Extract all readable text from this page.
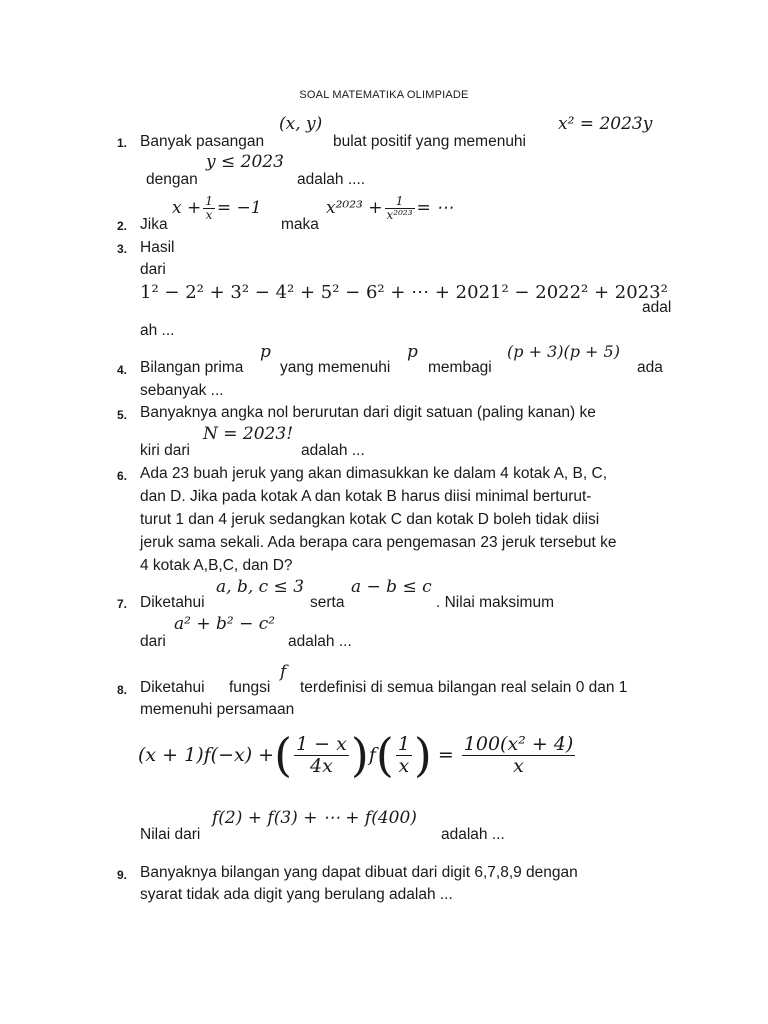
SOAL MATEMATIKA OLIMPIADE
1. Banyak pasangan
(x, y)
bulat positif yang memenuhi
x² = 2023y
dengan
y ≤ 2023
adalah ....
2. Jika
$x + \frac{1}{x} = -1$
maka
$x^{2023} + \frac{1}{\text{x²⁰²³}}$ = ⋯
3. Hasil
dari
1² − 2² + 3² − 4² + 5² − 6² + ⋯ + 2021² − 2022² + 2023²
adal
ah ...
4. Bilangan prima
p
yang memenuhi
p
membagi
(p + 3)(p + 5)
ada
sebanyak ...
5. Banyaknya angka nol berurutan dari digit satuan (paling kanan) ke
kiri dari
N = 2023!
adalah ...
6. Ada 23 buah jeruk yang akan dimasukkan ke dalam 4 kotak A, B, C,
dan D. Jika pada kotak A dan kotak B harus diisi minimal berturut-
turut 1 dan 4 jeruk sedangkan kotak C dan kotak D boleh tidak diisi
jeruk sama sekali. Ada berapa cara pengemasan 23 jeruk tersebut ke
4 kotak A,B,C, dan D?
7. Diketahui
a, b, c ≤ 3
serta
a − b ≤ c
. Nilai maksimum
dari
a² + b² − c²
adalah ...
8. Diketahui fungsi
f
terdefinisi di semua bilangan real selain 0 dan 1
memenuhi persamaan
(x + 1)f(−x) + ( $\frac{1 - x}{4x}$ ) f ( $\frac{1}{x}$ ) = $\frac{\text{100(x² + 4)}}{x}$
Nilai dari
f(2) + f(3) + ⋯ + f(400)
adalah ...
9. Banyaknya bilangan yang dapat dibuat dari digit 6,7,8,9 dengan
syarat tidak ada digit yang berulang adalah ...
